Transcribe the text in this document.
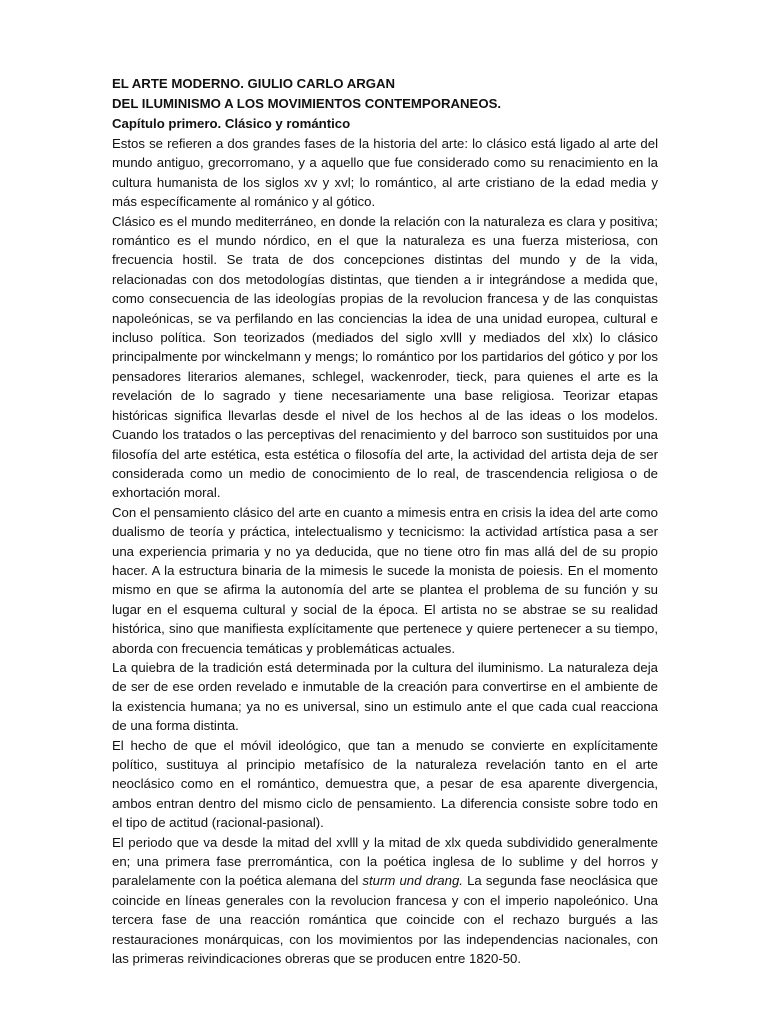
EL ARTE MODERNO. GIULIO CARLO ARGAN

DEL ILUMINISMO A LOS MOVIMIENTOS CONTEMPORANEOS.

Capítulo primero. Clásico y romántico

Estos se refieren a dos grandes fases de la historia del arte: lo clásico está ligado al arte del mundo antiguo, grecorromano, y a aquello que fue considerado como su renacimiento en la cultura humanista de los siglos xv y xvl; lo romántico, al arte cristiano de la edad media y más específicamente al románico y al gótico.

Clásico es el mundo mediterráneo, en donde la relación con la naturaleza es clara y positiva; romántico es el mundo nórdico, en el que la naturaleza es una fuerza misteriosa, con frecuencia hostil. Se trata de dos concepciones distintas del mundo y de la vida, relacionadas con dos metodologías distintas, que tienden a ir integrándose a medida que, como consecuencia de las ideologías propias de la revolucion francesa y de las conquistas napoleónicas, se va perfilando en las conciencias la idea de una unidad europea, cultural e incluso política. Son teorizados (mediados del siglo xvlll y mediados del xlx) lo clásico principalmente por winckelmann y mengs; lo romántico por los partidarios del gótico y por los pensadores literarios alemanes, schlegel, wackenroder, tieck, para quienes el arte es la revelación de lo sagrado y tiene necesariamente una base religiosa. Teorizar etapas históricas significa llevarlas desde el nivel de los hechos al de las ideas o los modelos. Cuando los tratados o las perceptivas del renacimiento y del barroco son sustituidos por una filosofía del arte estética, esta estética o filosofía del arte, la actividad del artista deja de ser considerada como un medio de conocimiento de lo real, de trascendencia religiosa o de exhortación moral.

Con el pensamiento clásico del arte en cuanto a mimesis entra en crisis la idea del arte como dualismo de teoría y práctica, intelectualismo y tecnicismo: la actividad artística pasa a ser una experiencia primaria y no ya deducida, que no tiene otro fin mas allá del de su propio hacer. A la estructura binaria de la mimesis le sucede la monista de poiesis. En el momento mismo en que se afirma la autonomía del arte se plantea el problema de su función y su lugar en el esquema cultural y social de la época. El artista no se abstrae se su realidad histórica, sino que manifiesta explícitamente que pertenece y quiere pertenecer a su tiempo, aborda con frecuencia temáticas y problemáticas actuales.

La quiebra de la tradición está determinada por la cultura del iluminismo. La naturaleza deja de ser de ese orden revelado e inmutable de la creación para convertirse en el ambiente de la existencia humana; ya no es universal, sino un estimulo ante el que cada cual reacciona de una forma distinta.

El hecho de que el móvil ideológico, que tan a menudo se convierte en explícitamente político, sustituya al principio metafísico de la naturaleza revelación tanto en el arte neoclásico como en el romántico, demuestra que, a pesar de esa aparente divergencia, ambos entran dentro del mismo ciclo de pensamiento. La diferencia consiste sobre todo en el tipo de actitud (racional-pasional).

El periodo que va desde la mitad del xvlll y la mitad de xlx queda subdividido generalmente en; una primera fase prerromántica, con la poética inglesa de lo sublime y del horros y paralelamente con la poética alemana del sturm und drang. La segunda fase neoclásica que coincide en líneas generales con la revolucion francesa y con el imperio napoleónico. Una tercera fase de una reacción romántica que coincide con el rechazo burgués a las restauraciones monárquicas, con los movimientos por las independencias nacionales, con las primeras reivindicaciones obreras que se producen entre 1820-50.
